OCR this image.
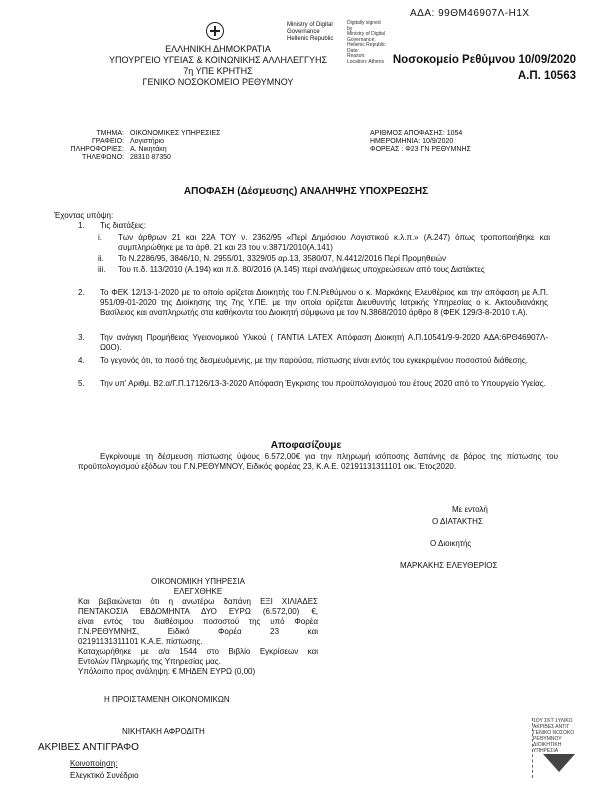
ΑΔΑ: 99ΘΜ46907Λ-Η1Χ
Ministry of Digital
Governance
Hellenic Republic
Digitally signed by
Ministry of Digital
Governance,
Hellenic Republic
Date:
Reason:
Location: Athens
ΕΛΛΗΝΙΚΗ ΔΗΜΟΚΡΑΤΙΑ
ΥΠΟΥΡΓΕΙΟ ΥΓΕΙΑΣ & ΚΟΙΝΩΝΙΚΗΣ ΑΛΛΗΛΕΓΓΥΗΣ
7η ΥΠΕ ΚΡΗΤΗΣ
ΓΕΝΙΚΟ ΝΟΣΟΚΟΜΕΙΟ ΡΕΘΥΜΝΟΥ
Νοσοκομείο Ρεθύμνου 10/09/2020
Α.Π. 10563
ΤΜΗΜΑ: ΟΙΚΟΝΟΜΙΚΕΣ ΥΠΗΡΕΣΙΕΣ
ΓΡΑΦΕΙΟ: Λογιστήριο
ΠΛΗΡΟΦΟΡΙΕΣ: Α. Νικητάκη
ΤΗΛΕΦΩΝΟ: 28310 87350
ΑΡΙΘΜΟΣ ΑΠΟΦΑΣΗΣ: 1054
ΗΜΕΡΟΜΗΝΙΑ: 10/9/2020
ΦΟΡΕΑΣ : Φ23 ΓΝ ΡΕΘΥΜΝΗΣ
ΑΠΟΦΑΣΗ (Δέσμευσης) ΑΝΑΛΗΨΗΣ ΥΠΟΧΡΕΩΣΗΣ
Έχοντας υπόψη:
1. Τις διατάξεις:
i. Των άρθρων 21 και 22Α ΤΟΥ ν. 2362/95 «Περί Δημόσιου Λογιστικού κ.λ.π.» (Α.247) όπως τροποποιήθηκε και συμπληρώθηκε με τα άρθ. 21 και 23 του ν.3871/2010(Α.141)
ii. Το Ν.2286/95, 3846/10, Ν. 2955/01, 3329/05 αρ.13, 3580/07, Ν.4412/2016 Περί Προμηθειών
iii. Του π.δ. 113/2010 (Α.194) και π.δ. 80/2016 (Α.145) περί αναλήψεως υποχρεώσεων από τους Διατάκτες
2. Το ΦΕΚ 12/13-1-2020 με το οποίο ορίζεται Διοικητής του Γ.Ν.Ρεθύμνου ο κ. Μαρκάκης Ελευθέριος και την απόφαση με Α.Π. 951/09-01-2020 της Διοίκησης της 7ης Υ.ΠΕ. με την οποία ορίζεται Διευθυντής Ιατρικής Υπηρεσίας ο κ. Ακτουδιανάκης Βασίλειος και αναπληρωτής στα καθήκοντα του Διοικητή σύμφωνα με τον Ν.3868/2010 άρθρο 8 (ΦΕΚ 129/3-8-2010 τ.Α).
3. Την ανάγκη Προμήθειας Υγειονομικού Υλικού ( ΓΑΝΤΙΑ LATEX Απόφαση Διοικητή Α.Π.10541/9-9-2020 ΑΔΑ:6ΡΘ46907Λ-Ω0Ο).
4. Το γεγονός ότι, το ποσό της δεσμευόμενης, με την παρούσα, πίστωσης είναι εντός του εγκεκριμένου ποσοστού διάθεσης.
5. Την υπ' Αριθμ. Β2.α/Γ.Π.17126/13-3-2020 Απόφαση Έγκρισης του προϋπολογισμού του έτους 2020 από το Υπουργείο Υγείας.
Αποφασίζουμε
Εγκρίνουμε τη δέσμευση πίστωσης ύψους 6.572,00€ για την πληρωμή ισόποσης δαπάνης σε βάρος της πίστωσης του προϋπολογισμού εξόδων του Γ.Ν.ΡΕΘΥΜΝΟΥ, Ειδικός φορέας 23, Κ.Α.Ε. 02191131311101 οικ. Έτος2020.
Με εντολή
Ο ΔΙΑΤΑΚΤΗΣ
Ο Διοικητής
ΜΑΡΚΑΚΗΣ ΕΛΕΥΘΕΡΙΟΣ
ΟΙΚΟΝΟΜΙΚΗ ΥΠΗΡΕΣΙΑ
ΕΛΕΓΧΘΗΚΕ
Και βεβαιώνεται ότι η ανωτέρω δαπάνη ΕΞΙ ΧΙΛΙΑΔΕΣ
ΠΕΝΤΑΚΟΣΙΑ ΕΒΔΟΜΗΝΤΑ ΔΥΟ ΕΥΡΩ (6.572,00) €,
είναι εντός του διαθέσιμου ποσοστού της υπό Φορέα
Γ.Ν.ΡΕΘΥΜΝΗΣ, Ειδικό Φορέα 23 και
02191131311101 Κ.Α.Ε. πίστωσης.
Καταχωρήθηκε με α/α 1544 στο Βιβλίο Εγκρίσεων και
Εντολών Πληρωμής της Υπηρεσίας μας.
Υπόλοιπο προς ανάληψη: € ΜΗΔΕΝ ΕΥΡΩ (0,00)
Η ΠΡΟΙΣΤΑΜΕΝΗ ΟΙΚΟΝΟΜΙΚΩΝ
ΝΙΚΗΤΑΚΗ ΑΦΡΟΔΙΤΗ
ΑΚΡΙΒΕΣ ΑΝΤΙΓΡΑΦΟ
Κοινοποίηση:
Ελεγκτικό Συνέδριο
1ΟΥ ΣΚΤ 1ΥΛΙΚΟ
ΑΚΡΙΒΕΣ ΑΝΤΙΓ
ΓΕΝΙΚΟ ΝΟΣΟΚΟ
ΡΕΘΥΜΝΟΥ
ΔΙΟΙΚΗΤΙΚΗ
ΥΠΗΡΕΣΙΑ
